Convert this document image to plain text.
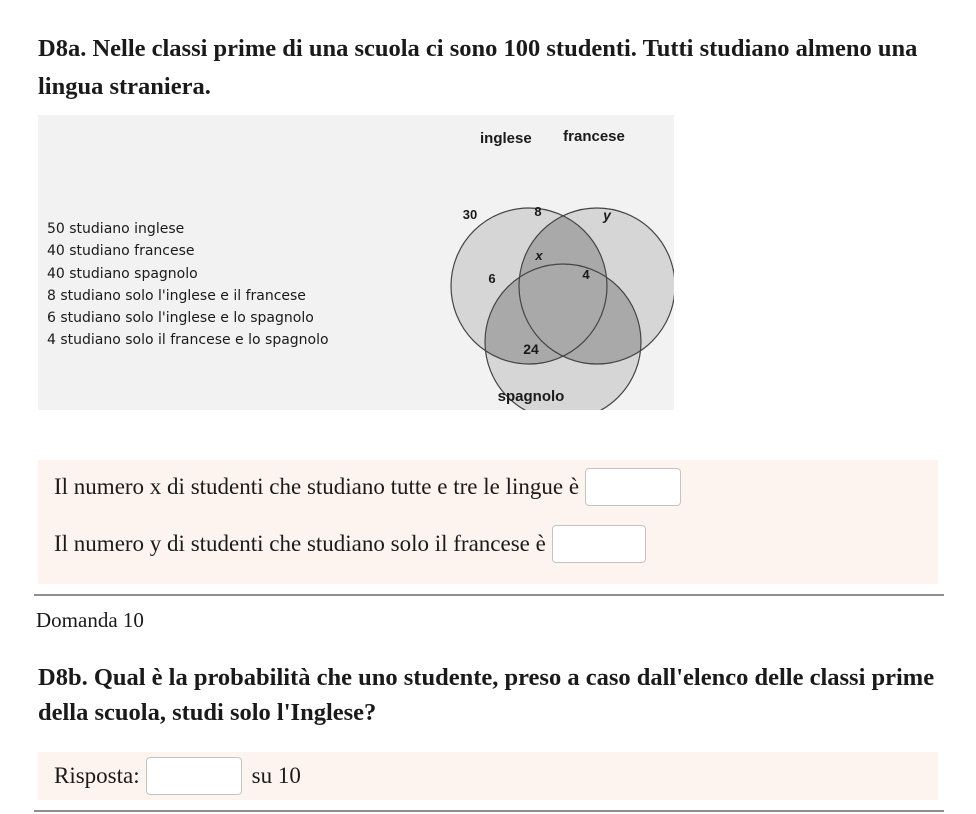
D8a. Nelle classi prime di una scuola ci sono 100 studenti. Tutti studiano almeno una lingua straniera.
50 studiano inglese
40 studiano francese
40 studiano spagnolo
8 studiano solo l'inglese e il francese
6 studiano solo l'inglese e lo spagnolo
4 studiano solo il francese e lo spagnolo
inglese francese
spagnolo
30	8	y
x
6	4
24
Il numero x di studenti che studiano tutte e tre le lingue è
Il numero y di studenti che studiano solo il francese è
Domanda 10
D8b. Qual è la probabilità che uno studente, preso a caso dall'elenco delle classi prime della scuola, studi solo l'Inglese?
Risposta:	su 10
